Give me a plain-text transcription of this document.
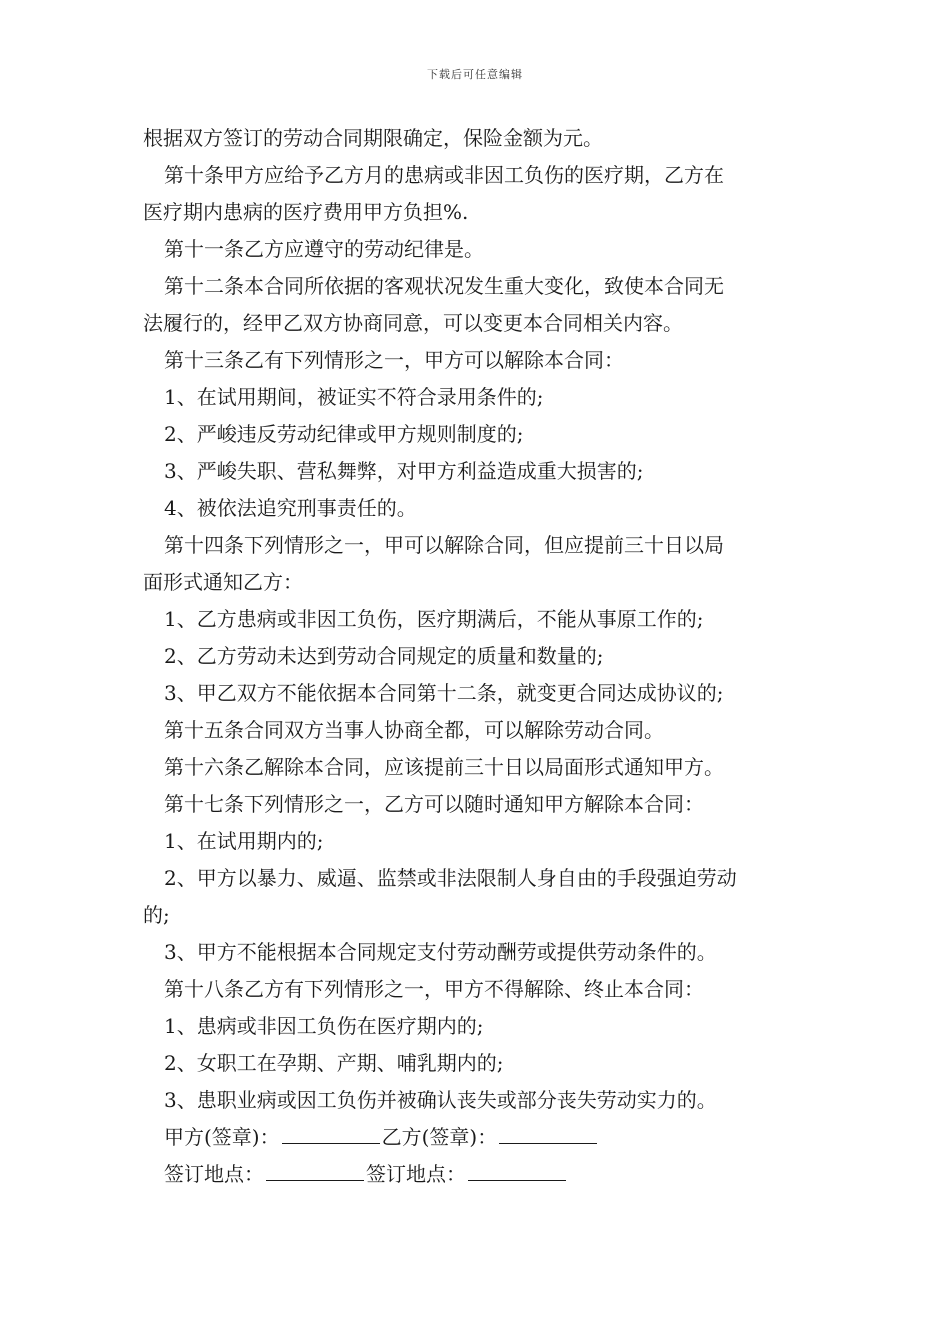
下载后可任意编辑
根据双方签订的劳动合同期限确定，保险金额为元。
第十条甲方应给予乙方月的患病或非因工负伤的医疗期，乙方在
医疗期内患病的医疗费用甲方负担%.
第十一条乙方应遵守的劳动纪律是。
第十二条本合同所依据的客观状况发生重大变化，致使本合同无
法履行的，经甲乙双方协商同意，可以变更本合同相关内容。
第十三条乙有下列情形之一，甲方可以解除本合同：
1、在试用期间，被证实不符合录用条件的;
2、严峻违反劳动纪律或甲方规则制度的;
3、严峻失职、营私舞弊，对甲方利益造成重大损害的;
4、被依法追究刑事责任的。
第十四条下列情形之一，甲可以解除合同，但应提前三十日以局
面形式通知乙方：
1、乙方患病或非因工负伤，医疗期满后，不能从事原工作的;
2、乙方劳动未达到劳动合同规定的质量和数量的;
3、甲乙双方不能依据本合同第十二条，就变更合同达成协议的;
第十五条合同双方当事人协商全都，可以解除劳动合同。
第十六条乙解除本合同，应该提前三十日以局面形式通知甲方。
第十七条下列情形之一，乙方可以随时通知甲方解除本合同：
1、在试用期内的;
2、甲方以暴力、威逼、监禁或非法限制人身自由的手段强迫劳动
的;
3、甲方不能根据本合同规定支付劳动酬劳或提供劳动条件的。
第十八条乙方有下列情形之一，甲方不得解除、终止本合同：
1、患病或非因工负伤在医疗期内的;
2、女职工在孕期、产期、哺乳期内的;
3、患职业病或因工负伤并被确认丧失或部分丧失劳动实力的。
甲方(签章)：	乙方(签章)：
签订地点：	签订地点：
